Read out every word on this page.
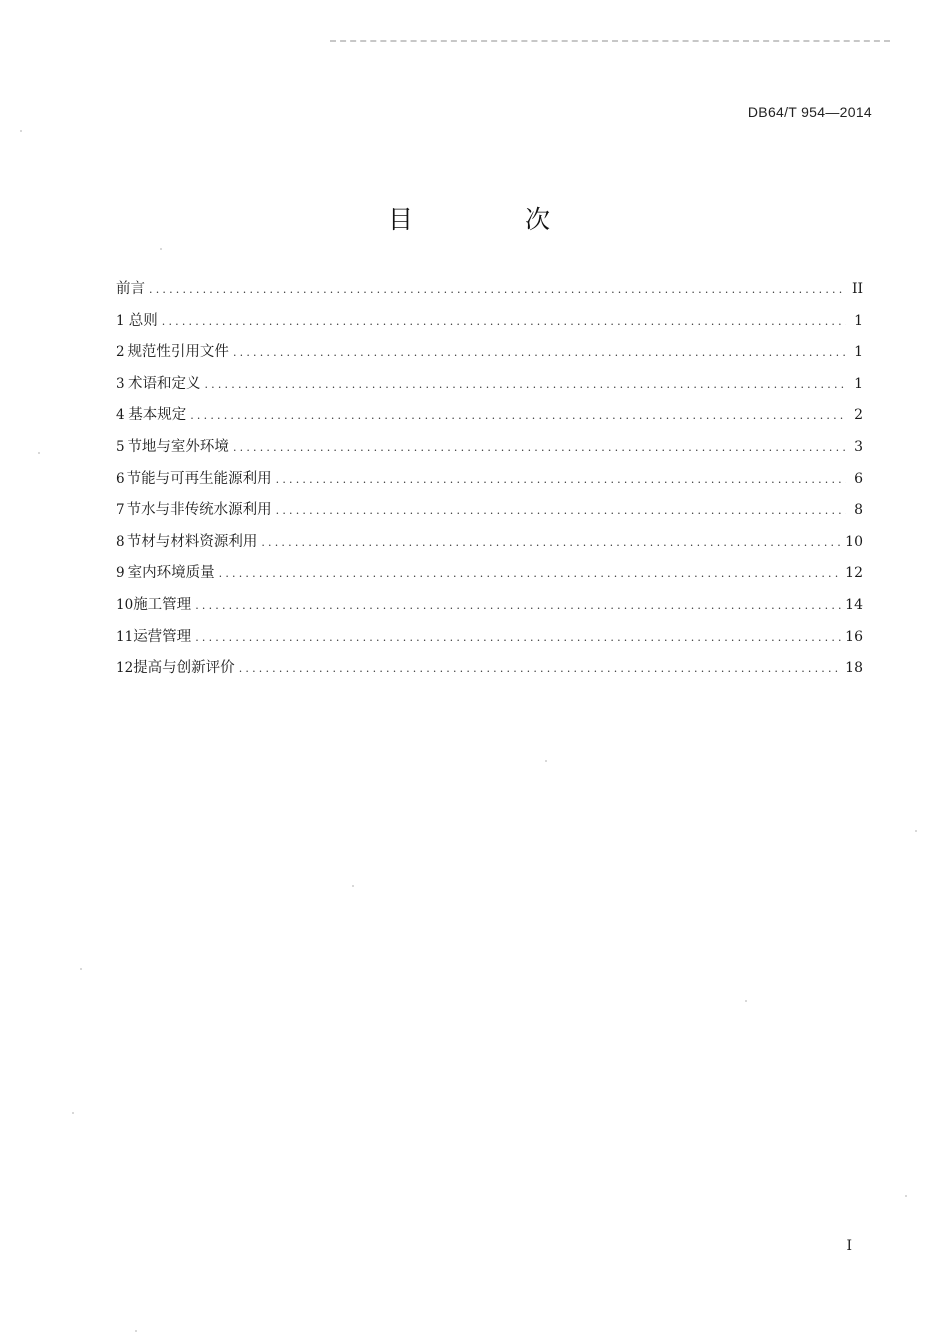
DB64/T 954—2014
目 次
前言 .....	II
1 总则 .....	1
2 规范性引用文件 .....	1
3 术语和定义 .....	1
4 基本规定 .....	2
5 节地与室外环境 .....	3
6 节能与可再生能源利用 .....	6
7 节水与非传统水源利用 .....	8
8 节材与材料资源利用 .....	10
9 室内环境质量 .....	12
10 施工管理 .....	14
11 运营管理 .....	16
12 提高与创新评价 .....	18
I
